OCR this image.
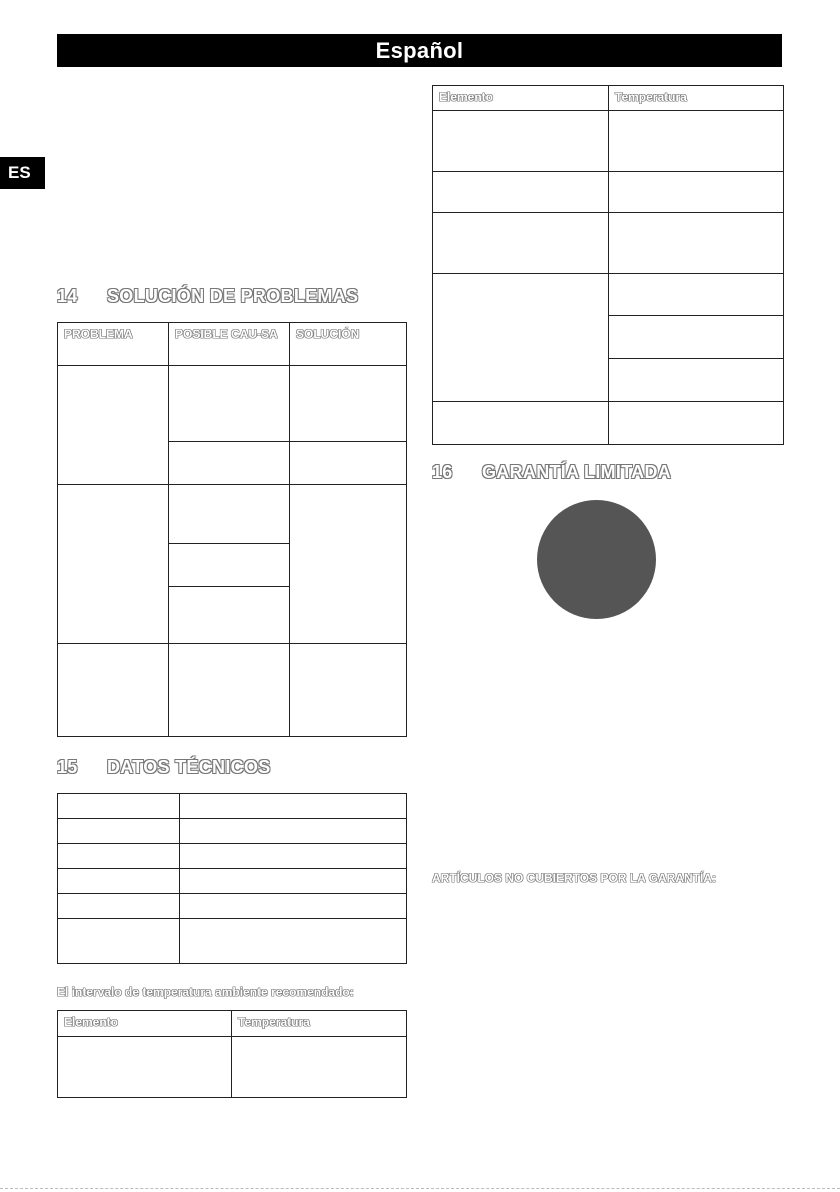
Español
ES
14 SOLUCIÓN DE PROBLEMAS
PROBLEMA	POSIBLE CAU-SA	SOLUCIÓN

15 DATOS TÉCNICOS

El intervalo de temperatura ambiente recomendado:
Elemento	Temperatura

Elemento	Temperatura

16 GARANTÍA LIMITADA
ARTÍCULOS NO CUBIERTOS POR LA GARANTÍA:
